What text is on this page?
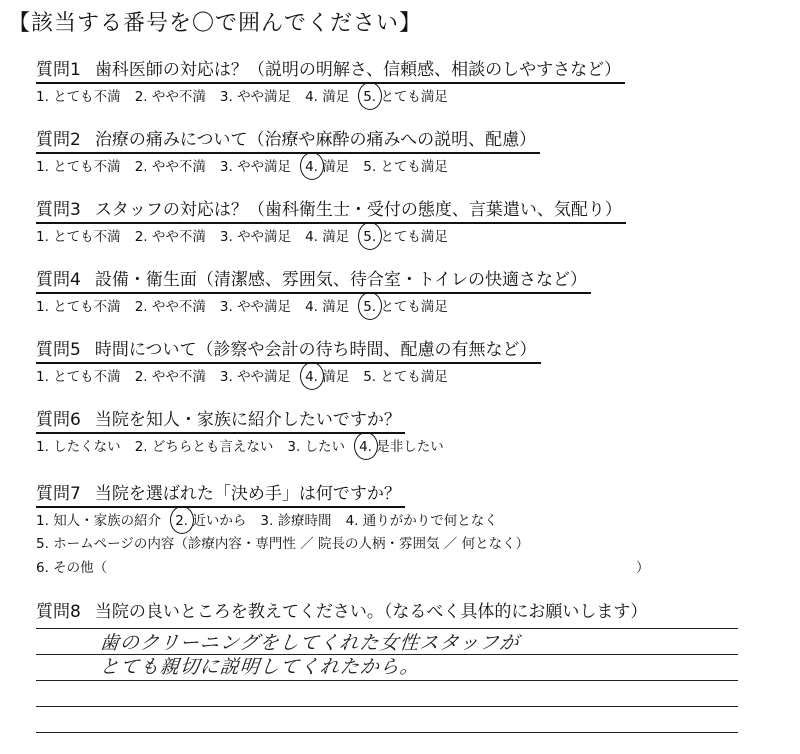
【該当する番号を〇で囲んでください】
質問1 歯科医師の対応は？（説明の明解さ、信頼感、相談のしやすさなど）
1. とても不満 2. やや不満 3. やや満足 4. 満足 5. とても満足
質問2 治療の痛みについて（治療や麻酔の痛みへの説明、配慮）
1. とても不満 2. やや不満 3. やや満足 4. 満足 5. とても満足
質問3 スタッフの対応は？（歯科衛生士・受付の態度、言葉遣い、気配り）
1. とても不満 2. やや不満 3. やや満足 4. 満足 5. とても満足
質問4 設備・衛生面（清潔感、雰囲気、待合室・トイレの快適さなど）
1. とても不満 2. やや不満 3. やや満足 4. 満足 5. とても満足
質問5 時間について（診察や会計の待ち時間、配慮の有無など）
1. とても不満 2. やや不満 3. やや満足 4. 満足 5. とても満足
質問6 当院を知人・家族に紹介したいですか？
1. したくない 2. どちらとも言えない 3. したい 4. 是非したい
質問7 当院を選ばれた「決め手」は何ですか？
1. 知人・家族の紹介 2. 近いから 3. 診療時間 4. 通りがかりで何となく
5. ホームページの内容（診療内容・専門性 ／ 院長の人柄・雰囲気 ／ 何となく）
6. その他（	）
質問8 当院の良いところを教えてください。（なるべく具体的にお願いします）
歯のクリーニングをしてくれた女性スタッフが
とても親切に説明してくれたから。
